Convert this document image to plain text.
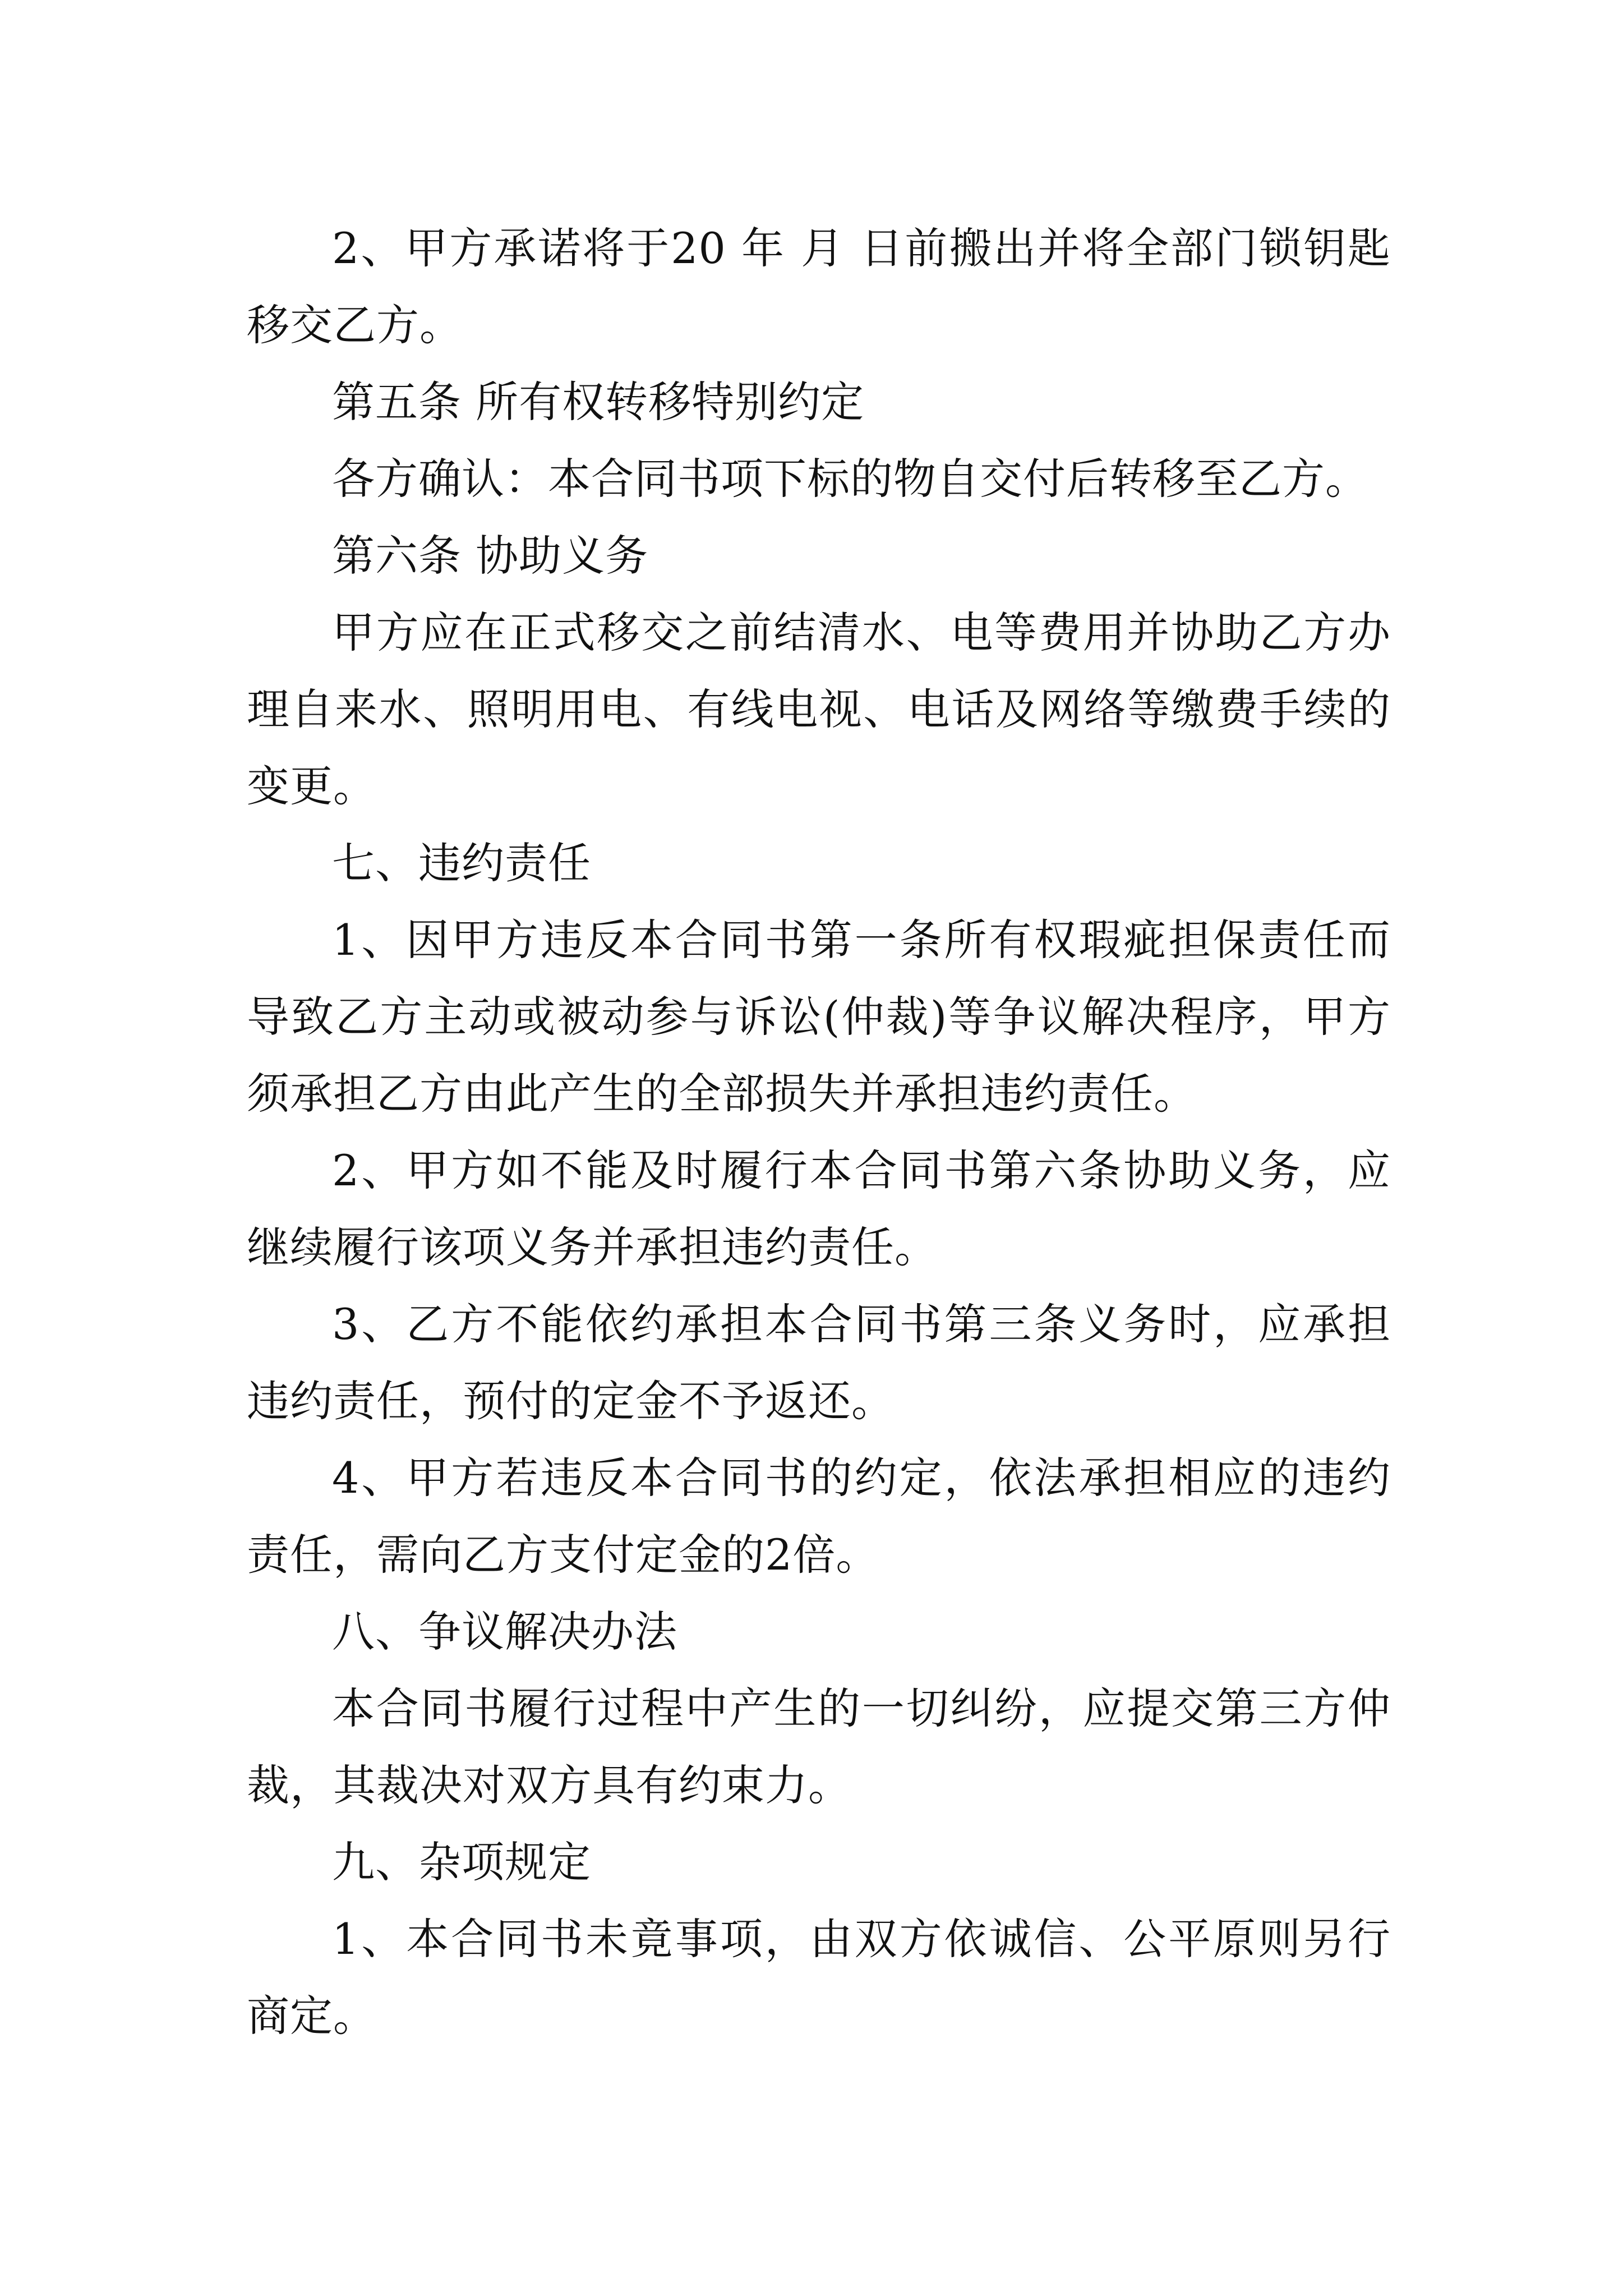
2、甲方承诺将于20 年 月 日前搬出并将全部门锁钥匙移交乙方。

第五条 所有权转移特别约定

各方确认：本合同书项下标的物自交付后转移至乙方。

第六条 协助义务

甲方应在正式移交之前结清水、电等费用并协助乙方办理自来水、照明用电、有线电视、电话及网络等缴费手续的变更。

七、违约责任

1、因甲方违反本合同书第一条所有权瑕疵担保责任而导致乙方主动或被动参与诉讼(仲裁)等争议解决程序，甲方须承担乙方由此产生的全部损失并承担违约责任。

2、甲方如不能及时履行本合同书第六条协助义务，应继续履行该项义务并承担违约责任。

3、乙方不能依约承担本合同书第三条义务时，应承担违约责任，预付的定金不予返还。

4、甲方若违反本合同书的约定，依法承担相应的违约责任，需向乙方支付定金的2倍。

八、争议解决办法

本合同书履行过程中产生的一切纠纷，应提交第三方仲裁，其裁决对双方具有约束力。

九、杂项规定

1、本合同书未竟事项，由双方依诚信、公平原则另行商定。
